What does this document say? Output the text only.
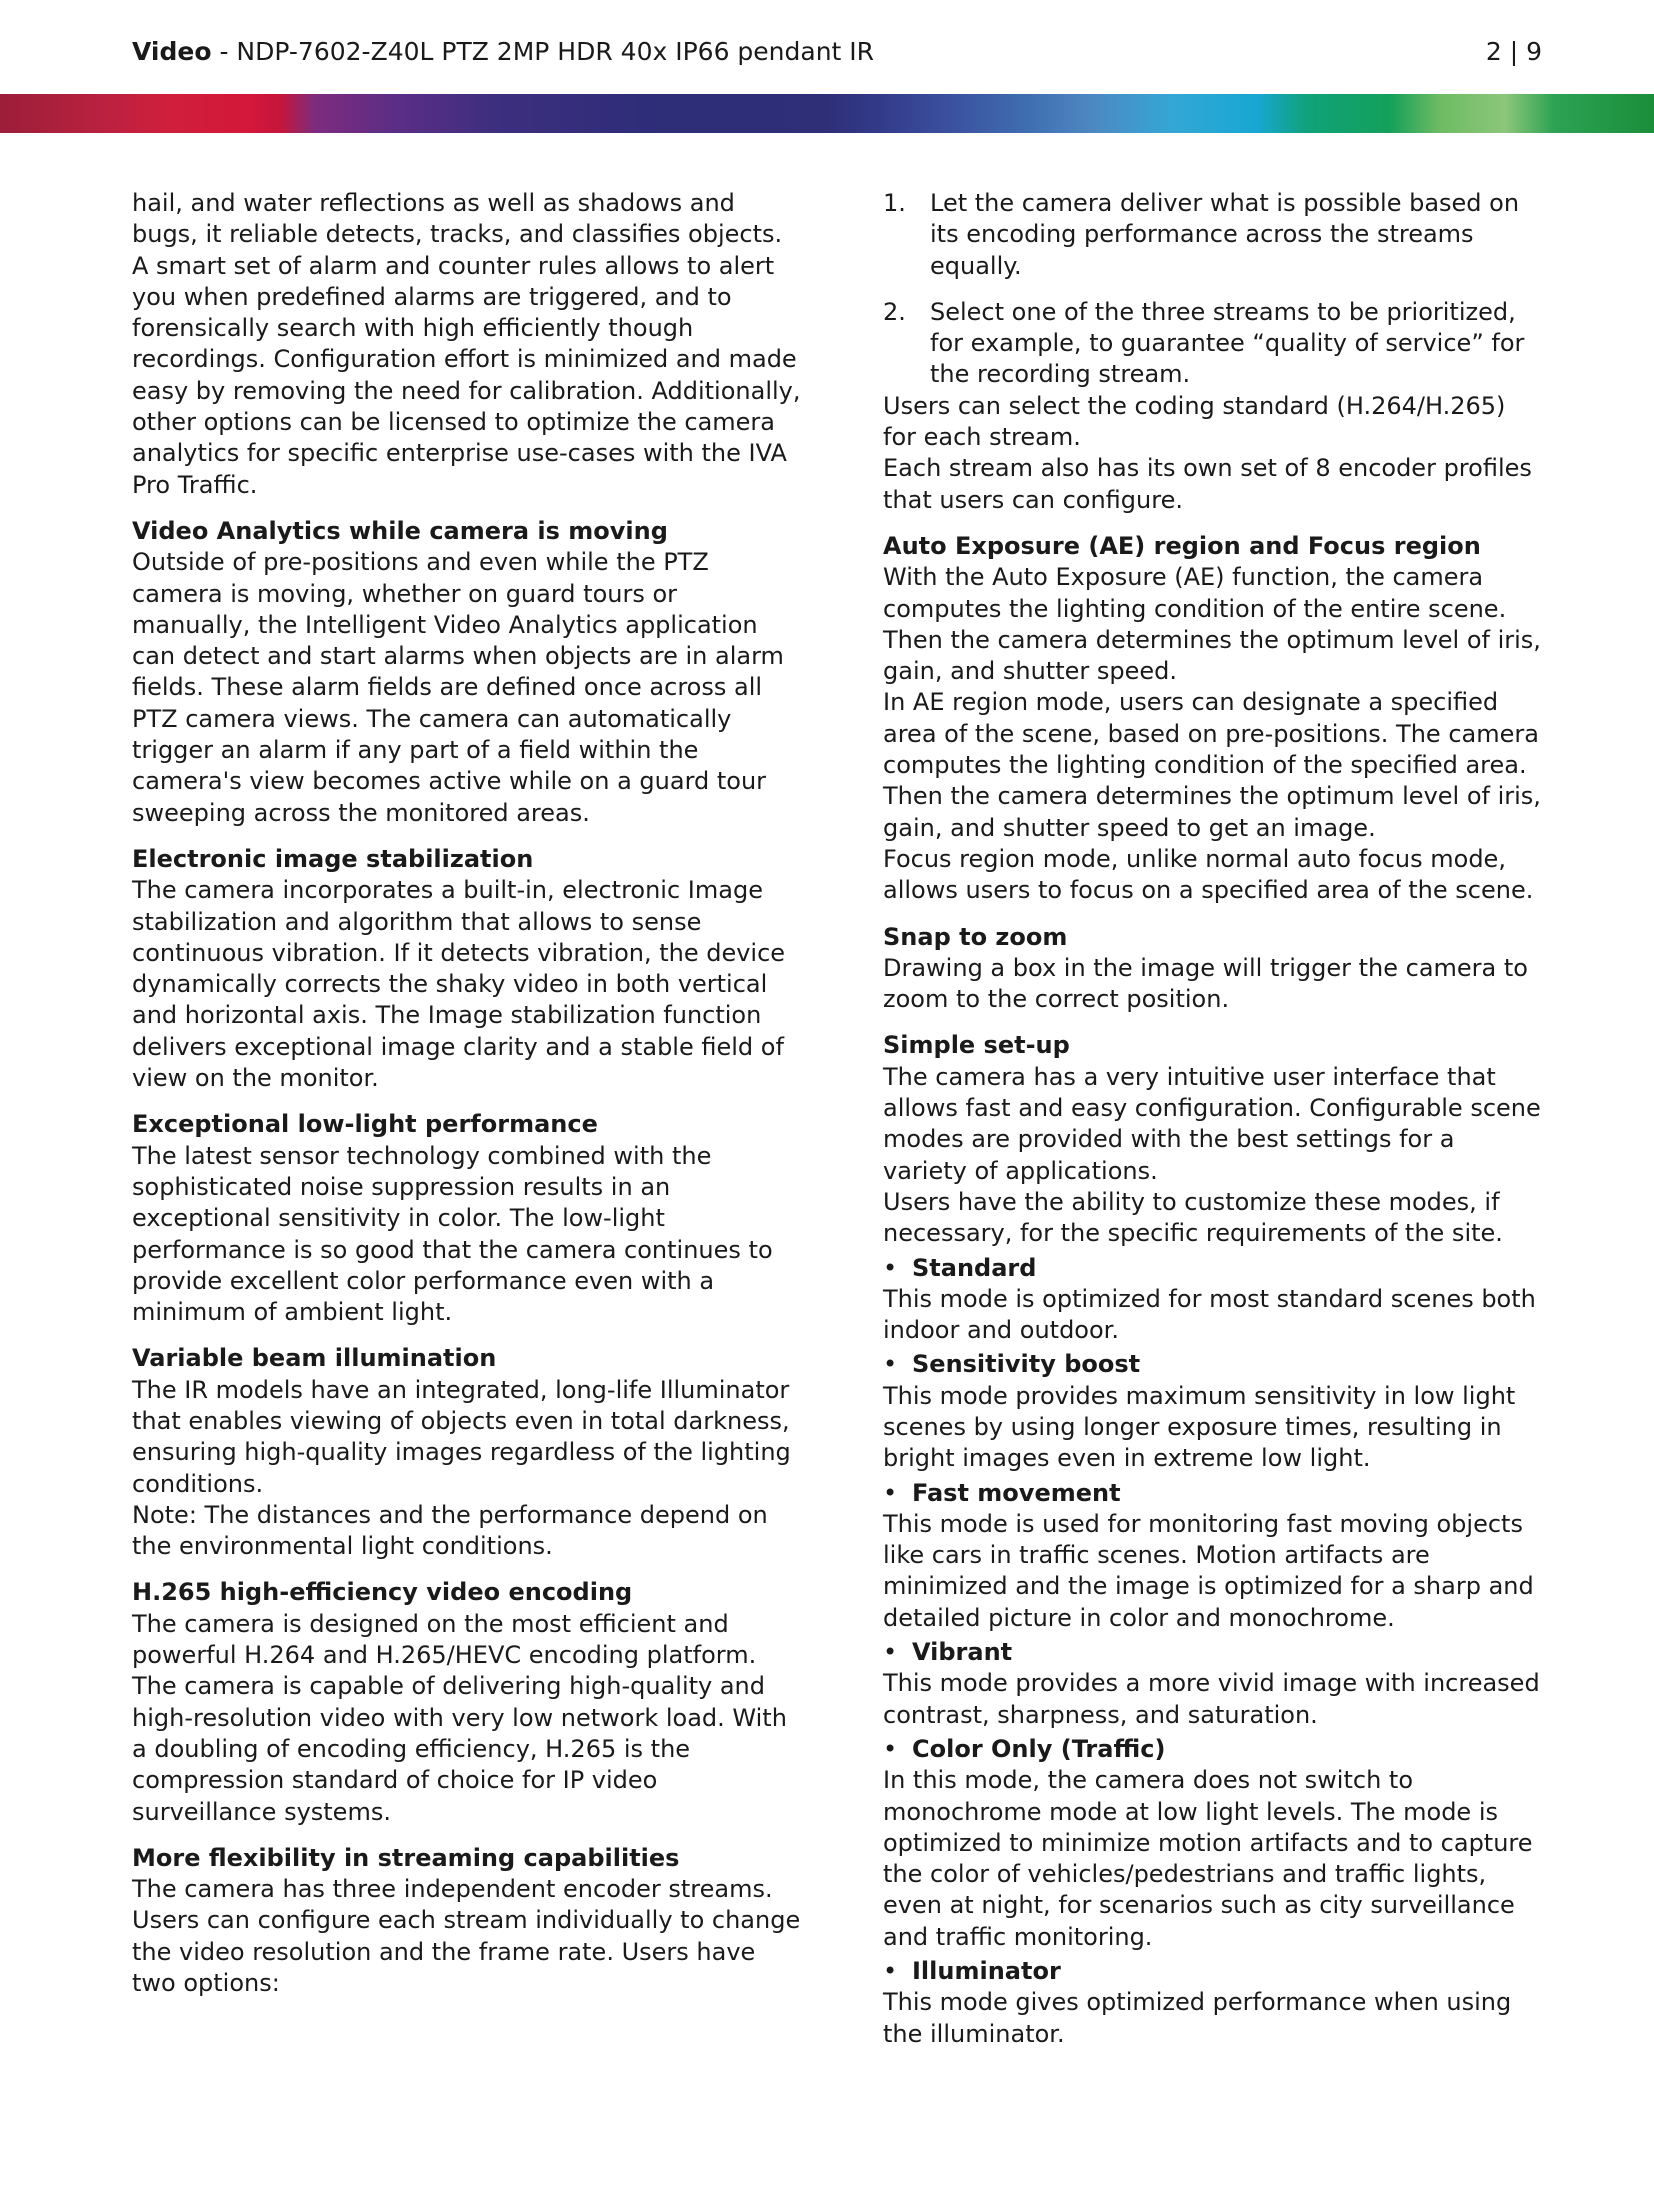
Video - NDP-7602-Z40L PTZ 2MP HDR 40x IP66 pendant IR	2 | 9

hail, and water reflections as well as shadows and bugs, it reliable detects, tracks, and classifies objects. A smart set of alarm and counter rules allows to alert you when predefined alarms are triggered, and to forensically search with high efficiently though recordings. Configuration effort is minimized and made easy by removing the need for calibration. Additionally, other options can be licensed to optimize the camera analytics for specific enterprise use-cases with the IVA Pro Traffic.

Video Analytics while camera is moving
Outside of pre-positions and even while the PTZ camera is moving, whether on guard tours or manually, the Intelligent Video Analytics application can detect and start alarms when objects are in alarm fields. These alarm fields are defined once across all PTZ camera views. The camera can automatically trigger an alarm if any part of a field within the camera's view becomes active while on a guard tour sweeping across the monitored areas.
Electronic image stabilization
The camera incorporates a built-in, electronic Image stabilization and algorithm that allows to sense continuous vibration. If it detects vibration, the device dynamically corrects the shaky video in both vertical and horizontal axis. The Image stabilization function delivers exceptional image clarity and a stable field of view on the monitor.
Exceptional low-light performance
The latest sensor technology combined with the sophisticated noise suppression results in an exceptional sensitivity in color. The low-light performance is so good that the camera continues to provide excellent color performance even with a minimum of ambient light.
Variable beam illumination
The IR models have an integrated, long-life Illuminator that enables viewing of objects even in total darkness, ensuring high-quality images regardless of the lighting conditions.
Note: The distances and the performance depend on the environmental light conditions.
H.265 high-efficiency video encoding
The camera is designed on the most efficient and powerful H.264 and H.265/HEVC encoding platform. The camera is capable of delivering high-quality and high-resolution video with very low network load. With a doubling of encoding efficiency, H.265 is the compression standard of choice for IP video surveillance systems.
More flexibility in streaming capabilities
The camera has three independent encoder streams. Users can configure each stream individually to change the video resolution and the frame rate. Users have two options:
1. Let the camera deliver what is possible based on its encoding performance across the streams equally.
2. Select one of the three streams to be prioritized, for example, to guarantee “quality of service” for the recording stream.
Users can select the coding standard (H.264/H.265) for each stream.
Each stream also has its own set of 8 encoder profiles that users can configure.
Auto Exposure (AE) region and Focus region
With the Auto Exposure (AE) function, the camera computes the lighting condition of the entire scene. Then the camera determines the optimum level of iris, gain, and shutter speed.
In AE region mode, users can designate a specified area of the scene, based on pre-positions. The camera computes the lighting condition of the specified area. Then the camera determines the optimum level of iris, gain, and shutter speed to get an image.
Focus region mode, unlike normal auto focus mode, allows users to focus on a specified area of the scene.
Snap to zoom
Drawing a box in the image will trigger the camera to zoom to the correct position.
Simple set-up
The camera has a very intuitive user interface that allows fast and easy configuration. Configurable scene modes are provided with the best settings for a variety of applications.
Users have the ability to customize these modes, if necessary, for the specific requirements of the site.
• Standard
This mode is optimized for most standard scenes both indoor and outdoor.
• Sensitivity boost
This mode provides maximum sensitivity in low light scenes by using longer exposure times, resulting in bright images even in extreme low light.
• Fast movement
This mode is used for monitoring fast moving objects like cars in traffic scenes. Motion artifacts are minimized and the image is optimized for a sharp and detailed picture in color and monochrome.
• Vibrant
This mode provides a more vivid image with increased contrast, sharpness, and saturation.
• Color Only (Traffic)
In this mode, the camera does not switch to monochrome mode at low light levels. The mode is optimized to minimize motion artifacts and to capture the color of vehicles/pedestrians and traffic lights, even at night, for scenarios such as city surveillance and traffic monitoring.
• Illuminator
This mode gives optimized performance when using the illuminator.
